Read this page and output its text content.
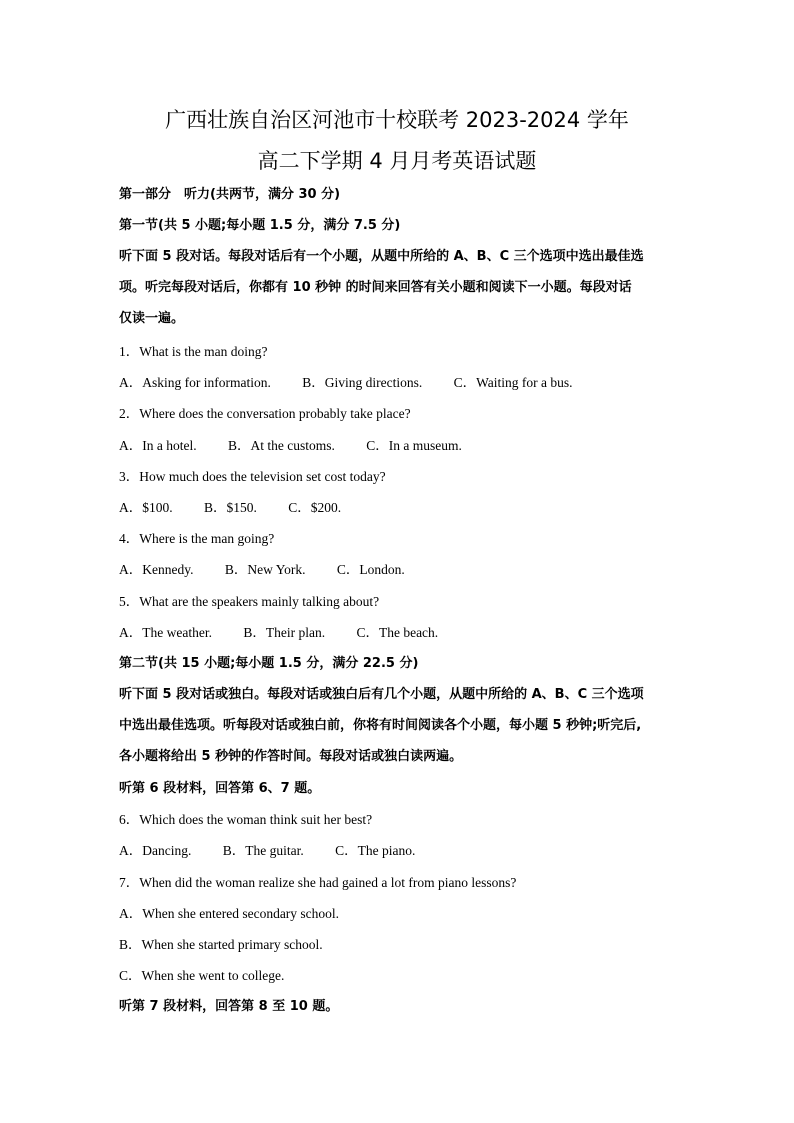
广西壮族自治区河池市十校联考 2023-2024 学年
高二下学期 4 月月考英语试题
第一部分　听力(共两节，满分 30 分)
第一节(共 5 小题;每小题 1.5 分，满分 7.5 分)
听下面 5 段对话。每段对话后有一个小题，从题中所给的 A、B、C 三个选项中选出最佳选
项。听完每段对话后，你都有 10 秒钟 的时间来回答有关小题和阅读下一小题。每段对话
仅读一遍。
1．What is the man doing?
A．Asking for information. B．Giving directions. C．Waiting for a bus.
2．Where does the conversation probably take place?
A．In a hotel. B．At the customs. C．In a museum.
3．How much does the television set cost today?
A．$100. B．$150. C．$200.
4．Where is the man going?
A．Kennedy. B．New York. C．London.
5．What are the speakers mainly talking about?
A．The weather. B．Their plan. C．The beach.
第二节(共 15 小题;每小题 1.5 分，满分 22.5 分)
听下面 5 段对话或独白。每段对话或独白后有几个小题，从题中所给的 A、B、C 三个选项
中选出最佳选项。听每段对话或独白前，你将有时间阅读各个小题，每小题 5 秒钟;听完后,
各小题将给出 5 秒钟的作答时间。每段对话或独白读两遍。
听第 6 段材料，回答第 6、7 题。
6．Which does the woman think suit her best?
A．Dancing. B．The guitar. C．The piano.
7．When did the woman realize she had gained a lot from piano lessons?
A．When she entered secondary school.
B．When she started primary school.
C．When she went to college.
听第 7 段材料，回答第 8 至 10 题。
